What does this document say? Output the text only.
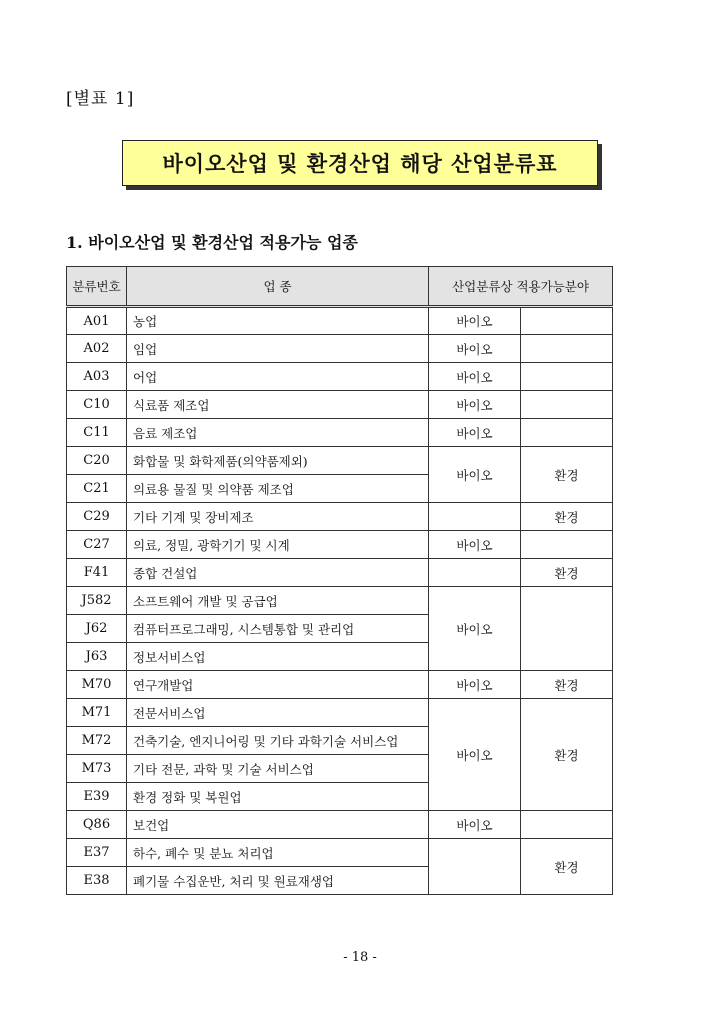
[별표 1]
바이오산업 및 환경산업 해당 산업분류표
1. 바이오산업 및 환경산업 적용가능 업종
분류번호	업 종	산업분류상 적용가능분야	
A01	농업	바이오	
A02	임업	바이오	
A03	어업	바이오	
C10	식료품 제조업	바이오	
C11	음료 제조업	바이오	
C20	화합물 및 화학제품(의약품제외)	바이오	환경
C21	의료용 물질 및 의약품 제조업		
C29	기타 기계 및 장비제조		환경
C27	의료, 정밀, 광학기기 및 시계	바이오	
F41	종합 건설업		환경
J582	소프트웨어 개발 및 공급업	바이오	
J62	컴퓨터프로그래밍, 시스템통합 및 관리업		
J63	정보서비스업		
M70	연구개발업	바이오	환경
M71	전문서비스업	바이오	환경
M72	건축기술, 엔지니어링 및 기타 과학기술 서비스업		
M73	기타 전문, 과학 및 기술 서비스업		
E39	환경 정화 및 복원업		
Q86	보건업	바이오	
E37	하수, 폐수 및 분뇨 처리업		환경
E38	폐기물 수집운반, 처리 및 원료재생업		
- 18 -
